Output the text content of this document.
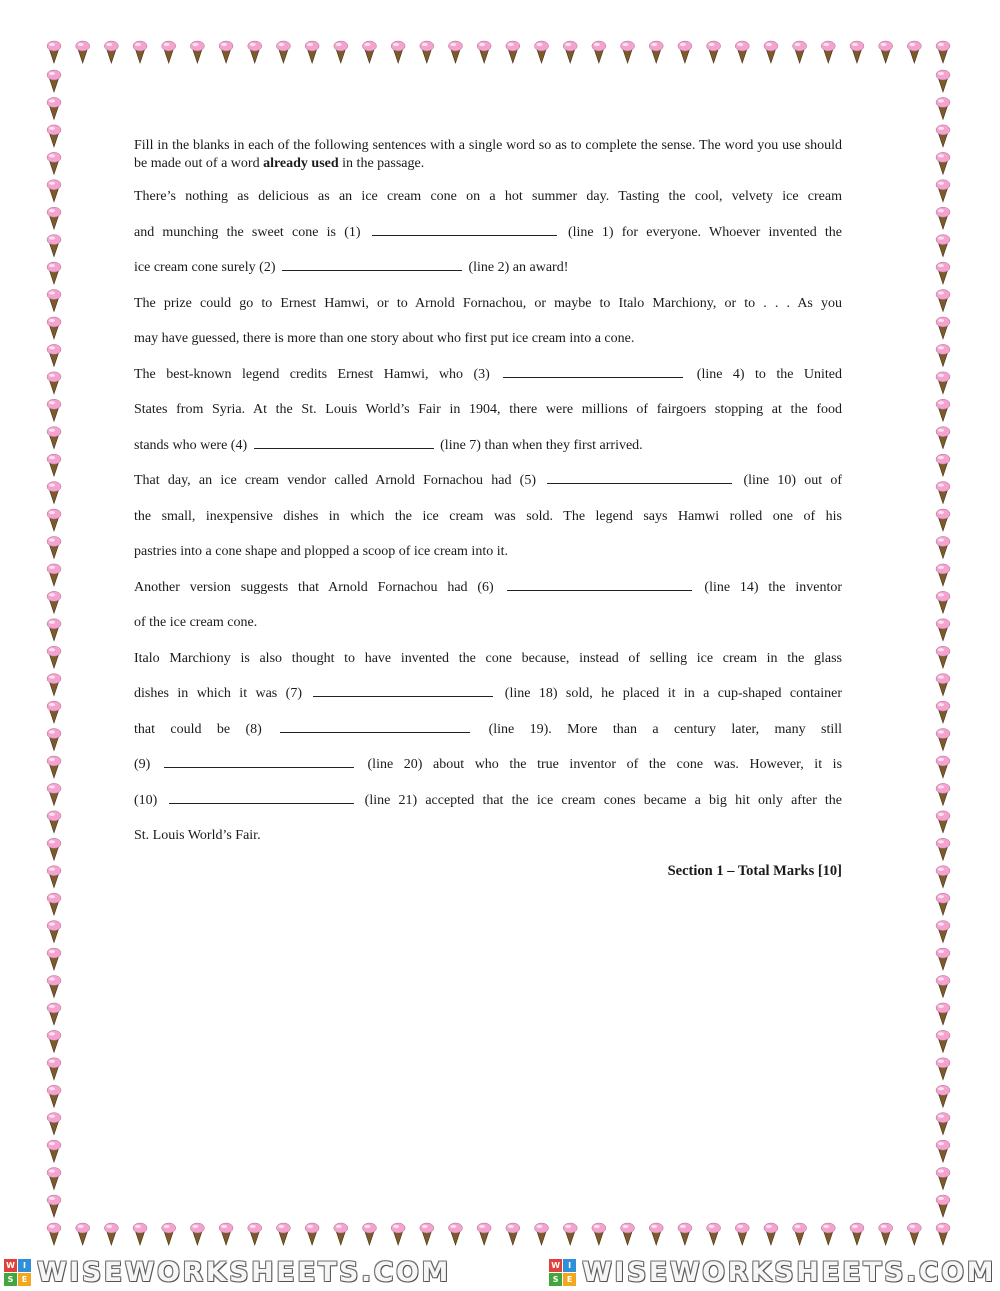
Fill in the blanks in each of the following sentences with a single word so as to complete the sense. The word you use should be made out of a word already used in the passage.

There’s nothing as delicious as an ice cream cone on a hot summer day. Tasting the cool, velvety ice cream
and munching the sweet cone is (1)	(line 1) for everyone. Whoever invented the
ice cream cone surely (2)	(line 2) an award!
The prize could go to Ernest Hamwi, or to Arnold Fornachou, or maybe to Italo Marchiony, or to . . . As you
may have guessed, there is more than one story about who first put ice cream into a cone.
The best-known legend credits Ernest Hamwi, who (3)	(line 4) to the United
States from Syria. At the St. Louis World’s Fair in 1904, there were millions of fairgoers stopping at the food
stands who were (4)	(line 7) than when they first arrived.
That day, an ice cream vendor called Arnold Fornachou had (5)	(line 10) out of
the small, inexpensive dishes in which the ice cream was sold. The legend says Hamwi rolled one of his
pastries into a cone shape and plopped a scoop of ice cream into it.
Another version suggests that Arnold Fornachou had (6)	(line 14) the inventor
of the ice cream cone.
Italo Marchiony is also thought to have invented the cone because, instead of selling ice cream in the glass
dishes in which it was (7)	(line 18) sold, he placed it in a cup-shaped container
that could be (8)	(line 19). More than a century later, many still
(9)	(line 20) about who the true inventor of the cone was. However, it is
(10)	(line 21) accepted that the ice cream cones became a big hit only after the
St. Louis World’s Fair.
Section 1 – Total Marks [10]
W	I
S	E WISEWORKSHEETS.COM	W	I
S	E WISEWORKSHEETS.COM
